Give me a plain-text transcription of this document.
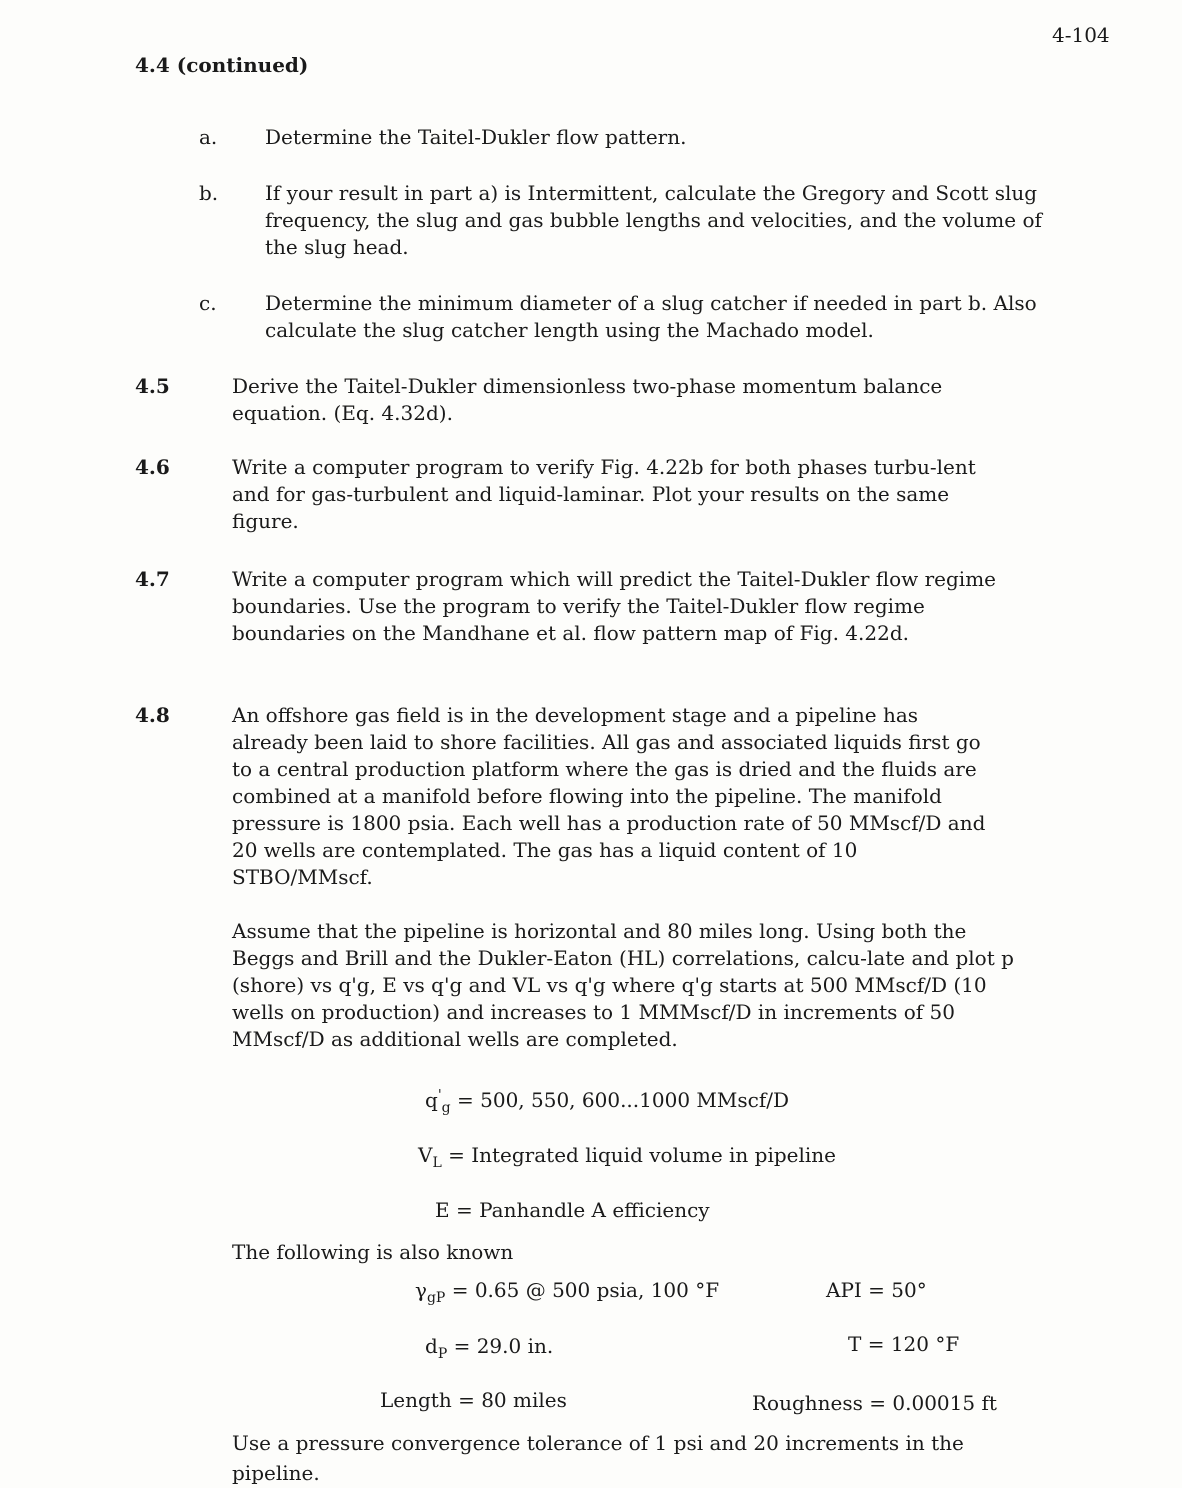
4-104
4.4 (continued)
a. Determine the Taitel-Dukler flow pattern.
b. If your result in part a) is Intermittent, calculate the Gregory and Scott slug frequency, the slug and gas bubble lengths and velocities, and the volume of the slug head.
c. Determine the minimum diameter of a slug catcher if needed in part b. Also calculate the slug catcher length using the Machado model.
4.5	Derive the Taitel-Dukler dimensionless two-phase momentum balance equation. (Eq. 4.32d).
4.6	Write a computer program to verify Fig. 4.22b for both phases turbu-lent and for gas-turbulent and liquid-laminar. Plot your results on the same figure.
4.7	Write a computer program which will predict the Taitel-Dukler flow regime boundaries. Use the program to verify the Taitel-Dukler flow regime boundaries on the Mandhane et al. flow pattern map of Fig. 4.22d.
4.8	An offshore gas field is in the development stage and a pipeline has already been laid to shore facilities. All gas and associated liquids first go to a central production platform where the gas is dried and the fluids are combined at a manifold before flowing into the pipeline. The manifold pressure is 1800 psia. Each well has a production rate of 50 MMscf/D and 20 wells are contemplated. The gas has a liquid content of 10 STBO/MMscf.
Assume that the pipeline is horizontal and 80 miles long. Using both the Beggs and Brill and the Dukler-Eaton (HL) correlations, calcu-late and plot p (shore) vs q'g, E vs q'g and VL vs q'g where q'g starts at 500 MMscf/D (10 wells on production) and increases to 1 MMMscf/D in increments of 50 MMscf/D as additional wells are completed.
$q'_g = 500$, 550, 600...1000 MMscf/D
$V_L$ = Integrated liquid volume in pipeline
E = Panhandle A efficiency
The following is also known
$\gamma_{gP} = 0.65$ @ 500 psia, 100 °F	API = 50°
$d_P = 29.0$ in.	T = 120 °F
Length = 80 miles	Roughness = 0.00015 ft
Use a pressure convergence tolerance of 1 psi and 20 increments in the pipeline.
